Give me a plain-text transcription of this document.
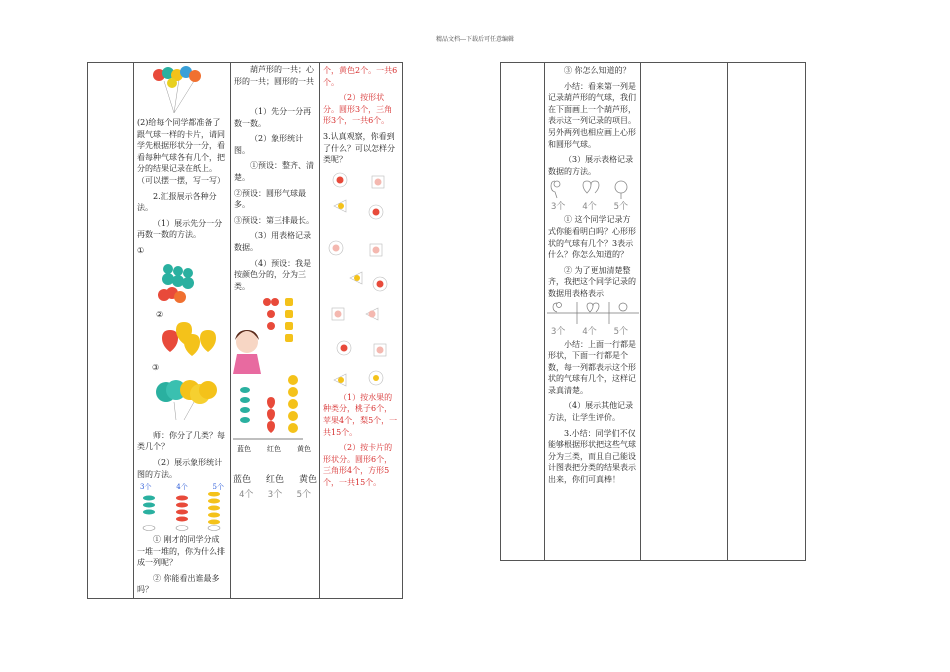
精品文档---下载后可任意编辑

(2)给每个同学都准备了跟气球一样的卡片，请同学先根据形状分一分，看看每种气球各有几个，把分的结果记录在纸上。（可以摆一摆，写一写）
2.汇报展示各种分法。
（1）展示先分一分再数一数的方法。
①
②
③
师：你分了几类？每类几个？
（2）展示象形统计图的方法。
3个	4个	5个
① 刚才的同学分成一堆一堆的，你为什么排成一列呢？
② 你能看出谁最多吗？

葫芦形的一共；心形的一共；圆形的一共
（1）先分一分再数一数。
（2）象形统计图。
①预设：整齐、清楚。
②预设：圆形气球最多。
③预设：第三排最长。
（3）用表格记录数据。
（4）预设：我是按颜色分的，分为三类。
蓝色 红色 黄色
蓝色 红色 黄色
4个 3个 5个

个，黄色2个。一共6个。
（2）按形状分。圆形3个，三角形3个，一共6个。
3.认真观察，你看到了什么？可以怎样分类呢？
（1）按水果的种类分，桃子6个，苹果4个，梨5个，一共15个。
（2）按卡片的形状分。圆形6个，三角形4个，方形5个，一共15个。

③ 你怎么知道的？
小结：看来第一列是记录葫芦形的气球，我们在下面画上一个葫芦形，表示这一列记录的项目。另外两列也相应画上心形和圆形气球。
（3）展示表格记录数据的方法。
3个 4个 5个
① 这个同学记录方式你能看明白吗？心形形状的气球有几个？3表示什么？你怎么知道的？
② 为了更加清楚整齐，我把这个同学记录的数据用表格表示
3个 4个 5个
小结：上面一行都是形状，下面一行都是个数，每一列都表示这个形状的气球有几个，这样记录真清楚。
（4）展示其他记录方法，让学生评价。
3.小结：同学们不仅能够根据形状把这些气球分为三类，而且自己能设计图表把分类的结果表示出来，你们可真棒！
